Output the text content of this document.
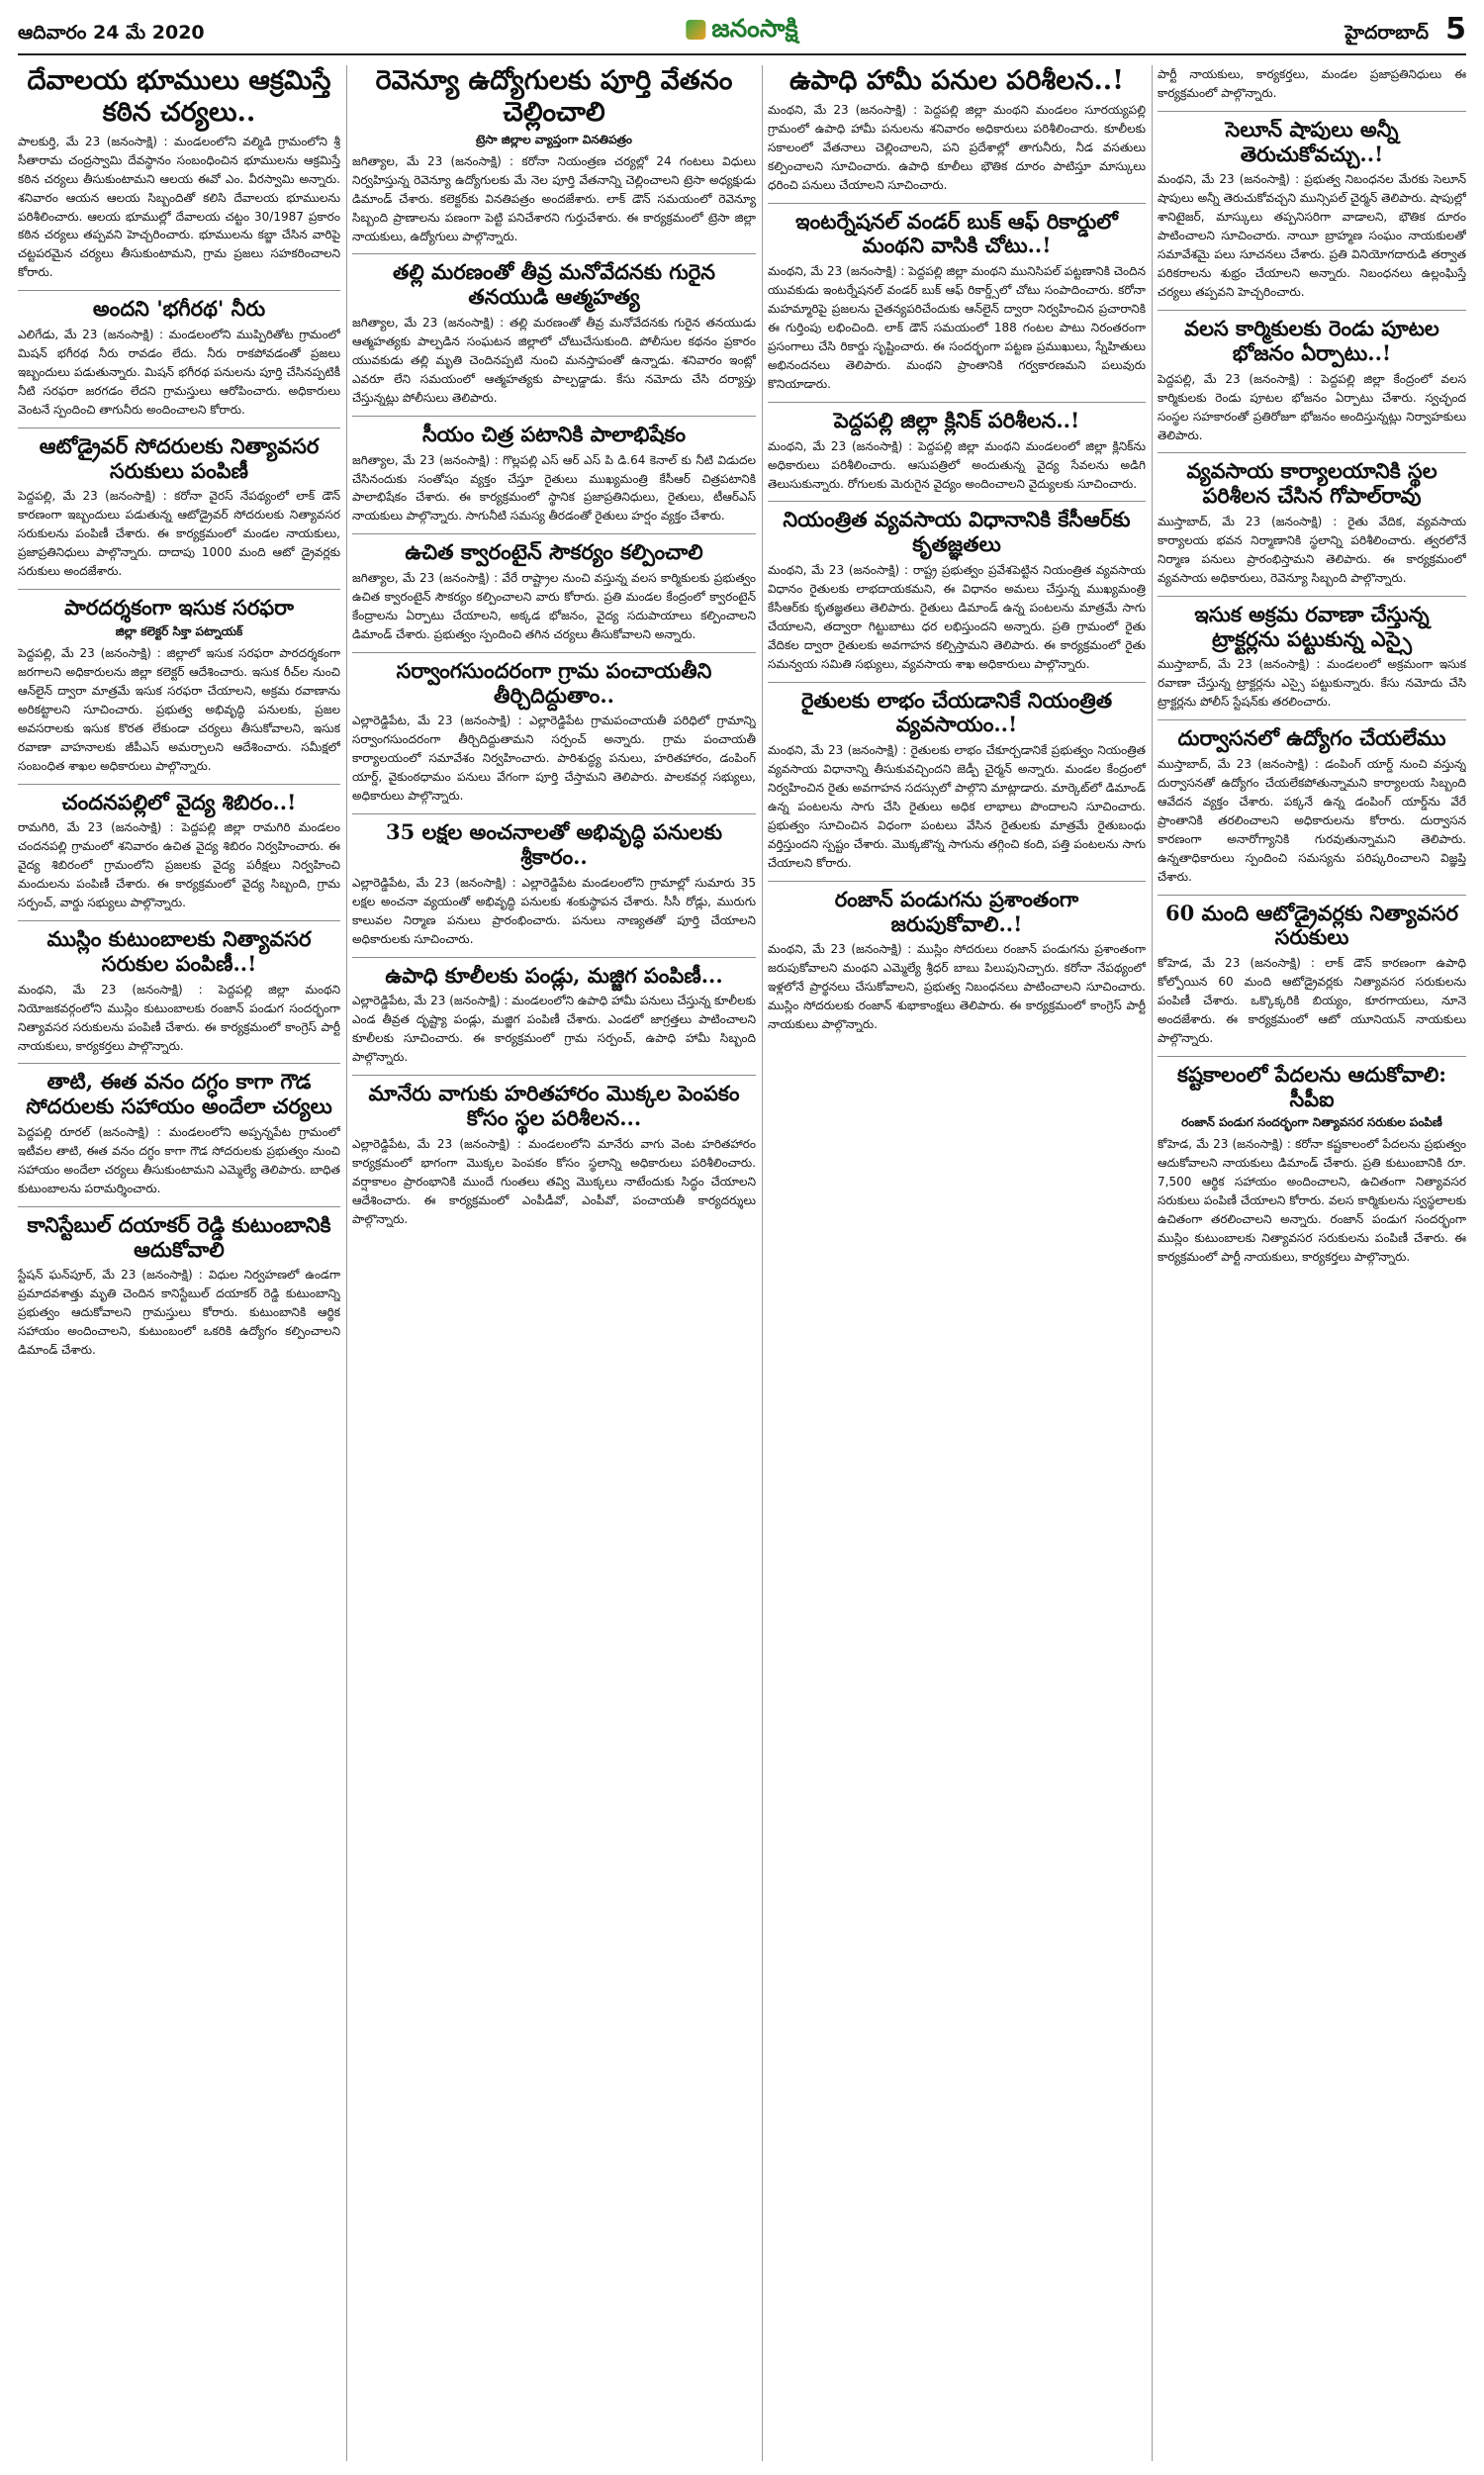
ఆదివారం 24 మే 2020	జనంసాక్షి	హైదరాబాద్ 5
దేవాలయ భూములు ఆక్రమిస్తే కఠిన చర్యలు..

పాలకుర్తి, మే 23 (జనంసాక్షి) : మండలంలోని వల్మిడి గ్రామంలోని శ్రీ సీతారామ చంద్రస్వామి దేవస్థానం సంబంధించిన భూములను ఆక్రమిస్తే కఠిన చర్యలు తీసుకుంటామని ఆలయ ఈవో ఎం. వీరస్వామి అన్నారు. శనివారం ఆయన ఆలయ సిబ్బందితో కలిసి దేవాలయ భూములను పరిశీలించారు. ఆలయ భూముల్లో దేవాలయ చట్టం 30/1987 ప్రకారం కఠిన చర్యలు తప్పవని హెచ్చరించారు. భూములను కబ్జా చేసిన వారిపై చట్టపరమైన చర్యలు తీసుకుంటామని, గ్రామ ప్రజలు సహకరించాలని కోరారు.

అందని 'భగీరథ' నీరు

ఎలిగేడు, మే 23 (జనంసాక్షి) : మండలంలోని ముప్పిరితోట గ్రామంలో మిషన్ భగీరథ నీరు రావడం లేదు. నీరు రాకపోవడంతో ప్రజలు ఇబ్బందులు పడుతున్నారు. మిషన్ భగీరథ పనులను పూర్తి చేసినప్పటికీ నీటి సరఫరా జరగడం లేదని గ్రామస్తులు ఆరోపించారు. అధికారులు వెంటనే స్పందించి తాగునీరు అందించాలని కోరారు.

ఆటోడ్రైవర్ సోదరులకు నిత్యావసర సరుకులు పంపిణీ

పెద్దపల్లి, మే 23 (జనంసాక్షి) : కరోనా వైరస్ నేపథ్యంలో లాక్ డౌన్ కారణంగా ఇబ్బందులు పడుతున్న ఆటోడ్రైవర్ సోదరులకు నిత్యావసర సరుకులను పంపిణీ చేశారు. ఈ కార్యక్రమంలో మండల నాయకులు, ప్రజాప్రతినిధులు పాల్గొన్నారు. దాదాపు 1000 మంది ఆటో డ్రైవర్లకు సరుకులు అందజేశారు.

పారదర్శకంగా ఇసుక సరఫరా
జిల్లా కలెక్టర్ సిక్తా పట్నాయక్

పెద్దపల్లి, మే 23 (జనంసాక్షి) : జిల్లాలో ఇసుక సరఫరా పారదర్శకంగా జరగాలని అధికారులను జిల్లా కలెక్టర్ ఆదేశించారు. ఇసుక రీచ్‌ల నుంచి ఆన్‌లైన్ ద్వారా మాత్రమే ఇసుక సరఫరా చేయాలని, అక్రమ రవాణాను అరికట్టాలని సూచించారు. ప్రభుత్వ అభివృద్ధి పనులకు, ప్రజల అవసరాలకు ఇసుక కొరత లేకుండా చర్యలు తీసుకోవాలని, ఇసుక రవాణా వాహనాలకు జీపీఎస్ అమర్చాలని ఆదేశించారు. సమీక్షలో సంబంధిత శాఖల అధికారులు పాల్గొన్నారు.

చందనపల్లిలో వైద్య శిబిరం..!

రామగిరి, మే 23 (జనంసాక్షి) : పెద్దపల్లి జిల్లా రామగిరి మండలం చందనపల్లి గ్రామంలో శనివారం ఉచిత వైద్య శిబిరం నిర్వహించారు. ఈ వైద్య శిబిరంలో గ్రామంలోని ప్రజలకు వైద్య పరీక్షలు నిర్వహించి మందులను పంపిణీ చేశారు. ఈ కార్యక్రమంలో వైద్య సిబ్బంది, గ్రామ సర్పంచ్, వార్డు సభ్యులు పాల్గొన్నారు.

ముస్లిం కుటుంబాలకు నిత్యావసర సరుకుల పంపిణీ..!

మంథని, మే 23 (జనంసాక్షి) : పెద్దపల్లి జిల్లా మంథని నియోజకవర్గంలోని ముస్లిం కుటుంబాలకు రంజాన్ పండుగ సందర్భంగా నిత్యావసర సరుకులను పంపిణీ చేశారు. ఈ కార్యక్రమంలో కాంగ్రెస్ పార్టీ నాయకులు, కార్యకర్తలు పాల్గొన్నారు.

తాటి, ఈత వనం దగ్ధం కాగా గౌడ సోదరులకు సహాయం అందేలా చర్యలు

పెద్దపల్లి రూరల్ (జనంసాక్షి) : మండలంలోని అప్పన్నపేట గ్రామంలో ఇటీవల తాటి, ఈత వనం దగ్ధం కాగా గౌడ సోదరులకు ప్రభుత్వం నుంచి సహాయం అందేలా చర్యలు తీసుకుంటామని ఎమ్మెల్యే తెలిపారు. బాధిత కుటుంబాలను పరామర్శించారు.

కానిస్టేబుల్ దయాకర్ రెడ్డి కుటుంబానికి ఆదుకోవాలి

స్టేషన్ ఘన్‌పూర్, మే 23 (జనంసాక్షి) : విధుల నిర్వహణలో ఉండగా ప్రమాదవశాత్తు మృతి చెందిన కానిస్టేబుల్ దయాకర్ రెడ్డి కుటుంబాన్ని ప్రభుత్వం ఆదుకోవాలని గ్రామస్తులు కోరారు. కుటుంబానికి ఆర్థిక సహాయం అందించాలని, కుటుంబంలో ఒకరికి ఉద్యోగం కల్పించాలని డిమాండ్ చేశారు.

రెవెన్యూ ఉద్యోగులకు పూర్తి వేతనం చెల్లించాలి
ట్రెసా జిల్లాల వ్యాప్తంగా వినతిపత్రం

జగిత్యాల, మే 23 (జనంసాక్షి) : కరోనా నియంత్రణ చర్యల్లో 24 గంటలు విధులు నిర్వహిస్తున్న రెవెన్యూ ఉద్యోగులకు మే నెల పూర్తి వేతనాన్ని చెల్లించాలని ట్రెసా అధ్యక్షుడు డిమాండ్ చేశారు. కలెక్టర్‌కు వినతిపత్రం అందజేశారు. లాక్ డౌన్ సమయంలో రెవెన్యూ సిబ్బంది ప్రాణాలను పణంగా పెట్టి పనిచేశారని గుర్తుచేశారు. ఈ కార్యక్రమంలో ట్రెసా జిల్లా నాయకులు, ఉద్యోగులు పాల్గొన్నారు.

తల్లి మరణంతో తీవ్ర మనోవేదనకు గురైన తనయుడి ఆత్మహత్య

జగిత్యాల, మే 23 (జనంసాక్షి) : తల్లి మరణంతో తీవ్ర మనోవేదనకు గురైన తనయుడు ఆత్మహత్యకు పాల్పడిన సంఘటన జిల్లాలో చోటుచేసుకుంది. పోలీసుల కథనం ప్రకారం యువకుడు తల్లి మృతి చెందినప్పటి నుంచి మనస్తాపంతో ఉన్నాడు. శనివారం ఇంట్లో ఎవరూ లేని సమయంలో ఆత్మహత్యకు పాల్పడ్డాడు. కేసు నమోదు చేసి దర్యాప్తు చేస్తున్నట్లు పోలీసులు తెలిపారు.

సీయం చిత్ర పటానికి పాలాభిషేకం

జగిత్యాల, మే 23 (జనంసాక్షి) : గొల్లపల్లి ఎస్ ఆర్ ఎస్ పి డి.64 కెనాల్ కు నీటి విడుదల చేసినందుకు సంతోషం వ్యక్తం చేస్తూ రైతులు ముఖ్యమంత్రి కేసీఆర్ చిత్రపటానికి పాలాభిషేకం చేశారు. ఈ కార్యక్రమంలో స్థానిక ప్రజాప్రతినిధులు, రైతులు, టీఆర్ఎస్ నాయకులు పాల్గొన్నారు. సాగునీటి సమస్య తీరడంతో రైతులు హర్షం వ్యక్తం చేశారు.

ఉచిత క్వారంటైన్ సౌకర్యం కల్పించాలి

జగిత్యాల, మే 23 (జనంసాక్షి) : వేరే రాష్ట్రాల నుంచి వస్తున్న వలస కార్మికులకు ప్రభుత్వం ఉచిత క్వారంటైన్ సౌకర్యం కల్పించాలని వారు కోరారు. ప్రతి మండల కేంద్రంలో క్వారంటైన్ కేంద్రాలను ఏర్పాటు చేయాలని, అక్కడ భోజనం, వైద్య సదుపాయాలు కల్పించాలని డిమాండ్ చేశారు. ప్రభుత్వం స్పందించి తగిన చర్యలు తీసుకోవాలని అన్నారు.

సర్వాంగసుందరంగా గ్రామ పంచాయతీని తీర్చిదిద్దుతాం..

ఎల్లారెడ్డిపేట, మే 23 (జనంసాక్షి) : ఎల్లారెడ్డిపేట గ్రామపంచాయతీ పరిధిలో గ్రామాన్ని సర్వాంగసుందరంగా తీర్చిదిద్దుతామని సర్పంచ్ అన్నారు. గ్రామ పంచాయతీ కార్యాలయంలో సమావేశం నిర్వహించారు. పారిశుద్ధ్య పనులు, హరితహారం, డంపింగ్ యార్డ్, వైకుంఠధామం పనులు వేగంగా పూర్తి చేస్తామని తెలిపారు. పాలకవర్గ సభ్యులు, అధికారులు పాల్గొన్నారు.

35 లక్షల అంచనాలతో అభివృద్ధి పనులకు శ్రీకారం..

ఎల్లారెడ్డిపేట, మే 23 (జనంసాక్షి) : ఎల్లారెడ్డిపేట మండలంలోని గ్రామాల్లో సుమారు 35 లక్షల అంచనా వ్యయంతో అభివృద్ధి పనులకు శంకుస్థాపన చేశారు. సీసీ రోడ్లు, మురుగు కాలువల నిర్మాణ పనులు ప్రారంభించారు. పనులు నాణ్యతతో పూర్తి చేయాలని అధికారులకు సూచించారు.

ఉపాధి కూలీలకు పండ్లు, మజ్జిగ పంపిణీ...

ఎల్లారెడ్డిపేట, మే 23 (జనంసాక్షి) : మండలంలోని ఉపాధి హామీ పనులు చేస్తున్న కూలీలకు ఎండ తీవ్రత దృష్ట్యా పండ్లు, మజ్జిగ పంపిణీ చేశారు. ఎండలో జాగ్రత్తలు పాటించాలని కూలీలకు సూచించారు. ఈ కార్యక్రమంలో గ్రామ సర్పంచ్, ఉపాధి హామీ సిబ్బంది పాల్గొన్నారు.

మానేరు వాగుకు హరితహారం మొక్కల పెంపకం కోసం స్థల పరిశీలన...

ఎల్లారెడ్డిపేట, మే 23 (జనంసాక్షి) : మండలంలోని మానేరు వాగు వెంట హరితహారం కార్యక్రమంలో భాగంగా మొక్కల పెంపకం కోసం స్థలాన్ని అధికారులు పరిశీలించారు. వర్షాకాలం ప్రారంభానికి ముందే గుంతలు తవ్వి మొక్కలు నాటేందుకు సిద్ధం చేయాలని ఆదేశించారు. ఈ కార్యక్రమంలో ఎంపీడీవో, ఎంపీవో, పంచాయతీ కార్యదర్శులు పాల్గొన్నారు.

ఉపాధి హామీ పనుల పరిశీలన..!

మంథని, మే 23 (జనంసాక్షి) : పెద్దపల్లి జిల్లా మంథని మండలం సూరయ్యపల్లి గ్రామంలో ఉపాధి హామీ పనులను శనివారం అధికారులు పరిశీలించారు. కూలీలకు సకాలంలో వేతనాలు చెల్లించాలని, పని ప్రదేశాల్లో తాగునీరు, నీడ వసతులు కల్పించాలని సూచించారు. ఉపాధి కూలీలు భౌతిక దూరం పాటిస్తూ మాస్కులు ధరించి పనులు చేయాలని సూచించారు.

ఇంటర్నేషనల్ వండర్ బుక్ ఆఫ్ రికార్డులో మంథని వాసికి చోటు..!

మంథని, మే 23 (జనంసాక్షి) : పెద్దపల్లి జిల్లా మంథని మునిసిపల్ పట్టణానికి చెందిన యువకుడు ఇంటర్నేషనల్ వండర్ బుక్ ఆఫ్ రికార్డ్స్‌లో చోటు సంపాదించారు. కరోనా మహమ్మారిపై ప్రజలను చైతన్యపరిచేందుకు ఆన్‌లైన్ ద్వారా నిర్వహించిన ప్రచారానికి ఈ గుర్తింపు లభించింది. లాక్ డౌన్ సమయంలో 188 గంటల పాటు నిరంతరంగా ప్రసంగాలు చేసి రికార్డు సృష్టించారు. ఈ సందర్భంగా పట్టణ ప్రముఖులు, స్నేహితులు అభినందనలు తెలిపారు. మంథని ప్రాంతానికి గర్వకారణమని పలువురు కొనియాడారు.

పెద్దపల్లి జిల్లా క్లినిక్ పరిశీలన..!

మంథని, మే 23 (జనంసాక్షి) : పెద్దపల్లి జిల్లా మంథని మండలంలో జిల్లా క్లినిక్‌ను అధికారులు పరిశీలించారు. ఆసుపత్రిలో అందుతున్న వైద్య సేవలను అడిగి తెలుసుకున్నారు. రోగులకు మెరుగైన వైద్యం అందించాలని వైద్యులకు సూచించారు.

నియంత్రిత వ్యవసాయ విధానానికి కేసీఆర్‌కు కృతజ్ఞతలు

మంథని, మే 23 (జనంసాక్షి) : రాష్ట్ర ప్రభుత్వం ప్రవేశపెట్టిన నియంత్రిత వ్యవసాయ విధానం రైతులకు లాభదాయకమని, ఈ విధానం అమలు చేస్తున్న ముఖ్యమంత్రి కేసీఆర్‌కు కృతజ్ఞతలు తెలిపారు. రైతులు డిమాండ్ ఉన్న పంటలను మాత్రమే సాగు చేయాలని, తద్వారా గిట్టుబాటు ధర లభిస్తుందని అన్నారు. ప్రతి గ్రామంలో రైతు వేదికల ద్వారా రైతులకు అవగాహన కల్పిస్తామని తెలిపారు. ఈ కార్యక్రమంలో రైతు సమన్వయ సమితి సభ్యులు, వ్యవసాయ శాఖ అధికారులు పాల్గొన్నారు.

రైతులకు లాభం చేయడానికే నియంత్రిత వ్యవసాయం..!

మంథని, మే 23 (జనంసాక్షి) : రైతులకు లాభం చేకూర్చడానికే ప్రభుత్వం నియంత్రిత వ్యవసాయ విధానాన్ని తీసుకువచ్చిందని జెడ్పీ చైర్మన్ అన్నారు. మండల కేంద్రంలో నిర్వహించిన రైతు అవగాహన సదస్సులో పాల్గొని మాట్లాడారు. మార్కెట్‌లో డిమాండ్ ఉన్న పంటలను సాగు చేసి రైతులు అధిక లాభాలు పొందాలని సూచించారు. ప్రభుత్వం సూచించిన విధంగా పంటలు వేసిన రైతులకు మాత్రమే రైతుబంధు వర్తిస్తుందని స్పష్టం చేశారు. మొక్కజొన్న సాగును తగ్గించి కంది, పత్తి పంటలను సాగు చేయాలని కోరారు.

రంజాన్ పండుగను ప్రశాంతంగా జరుపుకోవాలి..!

మంథని, మే 23 (జనంసాక్షి) : ముస్లిం సోదరులు రంజాన్ పండుగను ప్రశాంతంగా జరుపుకోవాలని మంథని ఎమ్మెల్యే శ్రీధర్ బాబు పిలుపునిచ్చారు. కరోనా నేపథ్యంలో ఇళ్లలోనే ప్రార్థనలు చేసుకోవాలని, ప్రభుత్వ నిబంధనలు పాటించాలని సూచించారు. ముస్లిం సోదరులకు రంజాన్ శుభాకాంక్షలు తెలిపారు. ఈ కార్యక్రమంలో కాంగ్రెస్ పార్టీ నాయకులు పాల్గొన్నారు.

పార్టీ నాయకులు, కార్యకర్తలు, మండల ప్రజాప్రతినిధులు ఈ కార్యక్రమంలో పాల్గొన్నారు.

సెలూన్ షాపులు అన్నీ తెరుచుకోవచ్చు..!

మంథని, మే 23 (జనంసాక్షి) : ప్రభుత్వ నిబంధనల మేరకు సెలూన్ షాపులు అన్నీ తెరుచుకోవచ్చని మున్సిపల్ చైర్మన్ తెలిపారు. షాపుల్లో శానిటైజర్, మాస్కులు తప్పనిసరిగా వాడాలని, భౌతిక దూరం పాటించాలని సూచించారు. నాయీ బ్రాహ్మణ సంఘం నాయకులతో సమావేశమై పలు సూచనలు చేశారు. ప్రతి వినియోగదారుడి తర్వాత పరికరాలను శుభ్రం చేయాలని అన్నారు. నిబంధనలు ఉల్లంఘిస్తే చర్యలు తప్పవని హెచ్చరించారు.

వలస కార్మికులకు రెండు పూటల భోజనం ఏర్పాటు..!

పెద్దపల్లి, మే 23 (జనంసాక్షి) : పెద్దపల్లి జిల్లా కేంద్రంలో వలస కార్మికులకు రెండు పూటల భోజనం ఏర్పాటు చేశారు. స్వచ్ఛంద సంస్థల సహకారంతో ప్రతిరోజూ భోజనం అందిస్తున్నట్లు నిర్వాహకులు తెలిపారు.

వ్యవసాయ కార్యాలయానికి స్థల పరిశీలన చేసిన గోపాల్‌రావు

ముస్తాబాద్, మే 23 (జనంసాక్షి) : రైతు వేదిక, వ్యవసాయ కార్యాలయ భవన నిర్మాణానికి స్థలాన్ని పరిశీలించారు. త్వరలోనే నిర్మాణ పనులు ప్రారంభిస్తామని తెలిపారు. ఈ కార్యక్రమంలో వ్యవసాయ అధికారులు, రెవెన్యూ సిబ్బంది పాల్గొన్నారు.

ఇసుక అక్రమ రవాణా చేస్తున్న ట్రాక్టర్లను పట్టుకున్న ఎస్సై

ముస్తాబాద్, మే 23 (జనంసాక్షి) : మండలంలో అక్రమంగా ఇసుక రవాణా చేస్తున్న ట్రాక్టర్లను ఎస్సై పట్టుకున్నారు. కేసు నమోదు చేసి ట్రాక్టర్లను పోలీస్ స్టేషన్‌కు తరలించారు.

దుర్వాసనలో ఉద్యోగం చేయలేము

ముస్తాబాద్, మే 23 (జనంసాక్షి) : డంపింగ్ యార్డ్ నుంచి వస్తున్న దుర్వాసనతో ఉద్యోగం చేయలేకపోతున్నామని కార్యాలయ సిబ్బంది ఆవేదన వ్యక్తం చేశారు. పక్కనే ఉన్న డంపింగ్ యార్డ్‌ను వేరే ప్రాంతానికి తరలించాలని అధికారులను కోరారు. దుర్వాసన కారణంగా అనారోగ్యానికి గురవుతున్నామని తెలిపారు. ఉన్నతాధికారులు స్పందించి సమస్యను పరిష్కరించాలని విజ్ఞప్తి చేశారు.

60 మంది ఆటోడ్రైవర్లకు నిత్యావసర సరుకులు

కోహెడ, మే 23 (జనంసాక్షి) : లాక్ డౌన్ కారణంగా ఉపాధి కోల్పోయిన 60 మంది ఆటోడ్రైవర్లకు నిత్యావసర సరుకులను పంపిణీ చేశారు. ఒక్కొక్కరికి బియ్యం, కూరగాయలు, నూనె అందజేశారు. ఈ కార్యక్రమంలో ఆటో యూనియన్ నాయకులు పాల్గొన్నారు.

కష్టకాలంలో పేదలను ఆదుకోవాలి: సీపీఐ
రంజాన్ పండుగ సందర్భంగా నిత్యావసర సరుకుల పంపిణీ

కోహెడ, మే 23 (జనంసాక్షి) : కరోనా కష్టకాలంలో పేదలను ప్రభుత్వం ఆదుకోవాలని నాయకులు డిమాండ్ చేశారు. ప్రతి కుటుంబానికి రూ. 7,500 ఆర్థిక సహాయం అందించాలని, ఉచితంగా నిత్యావసర సరుకులు పంపిణీ చేయాలని కోరారు. వలస కార్మికులను స్వస్థలాలకు ఉచితంగా తరలించాలని అన్నారు. రంజాన్ పండుగ సందర్భంగా ముస్లిం కుటుంబాలకు నిత్యావసర సరుకులను పంపిణీ చేశారు. ఈ కార్యక్రమంలో పార్టీ నాయకులు, కార్యకర్తలు పాల్గొన్నారు.
